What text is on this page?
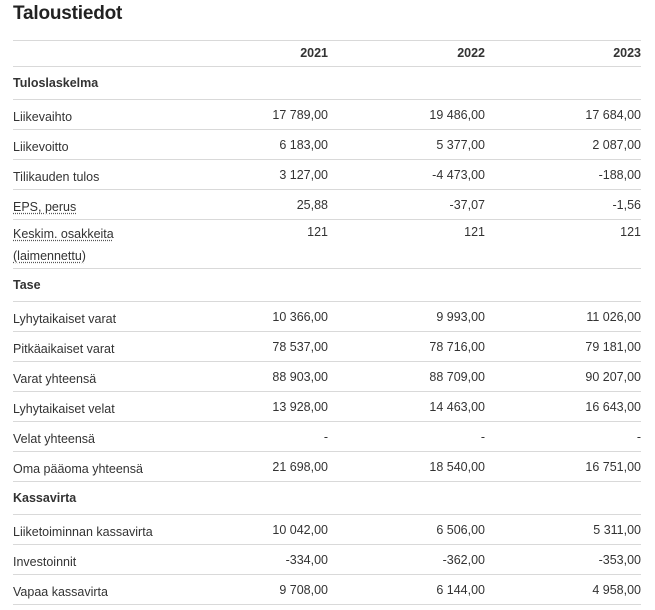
Taloustiedot
	2021	2022	2023
Tuloslaskelma			
Liikevaihto	17 789,00	19 486,00	17 684,00
Liikevoitto	6 183,00	5 377,00	2 087,00
Tilikauden tulos	3 127,00	-4 473,00	-188,00
EPS, perus	25,88	-37,07	-1,56
Keskim. osakkeita (laimennettu)	121	121	121
Tase			
Lyhytaikaiset varat	10 366,00	9 993,00	11 026,00
Pitkäaikaiset varat	78 537,00	78 716,00	79 181,00
Varat yhteensä	88 903,00	88 709,00	90 207,00
Lyhytaikaiset velat	13 928,00	14 463,00	16 643,00
Velat yhteensä	-	-	-
Oma pääoma yhteensä	21 698,00	18 540,00	16 751,00
Kassavirta			
Liiketoiminnan kassavirta	10 042,00	6 506,00	5 311,00
Investoinnit	-334,00	-362,00	-353,00
Vapaa kassavirta	9 708,00	6 144,00	4 958,00
